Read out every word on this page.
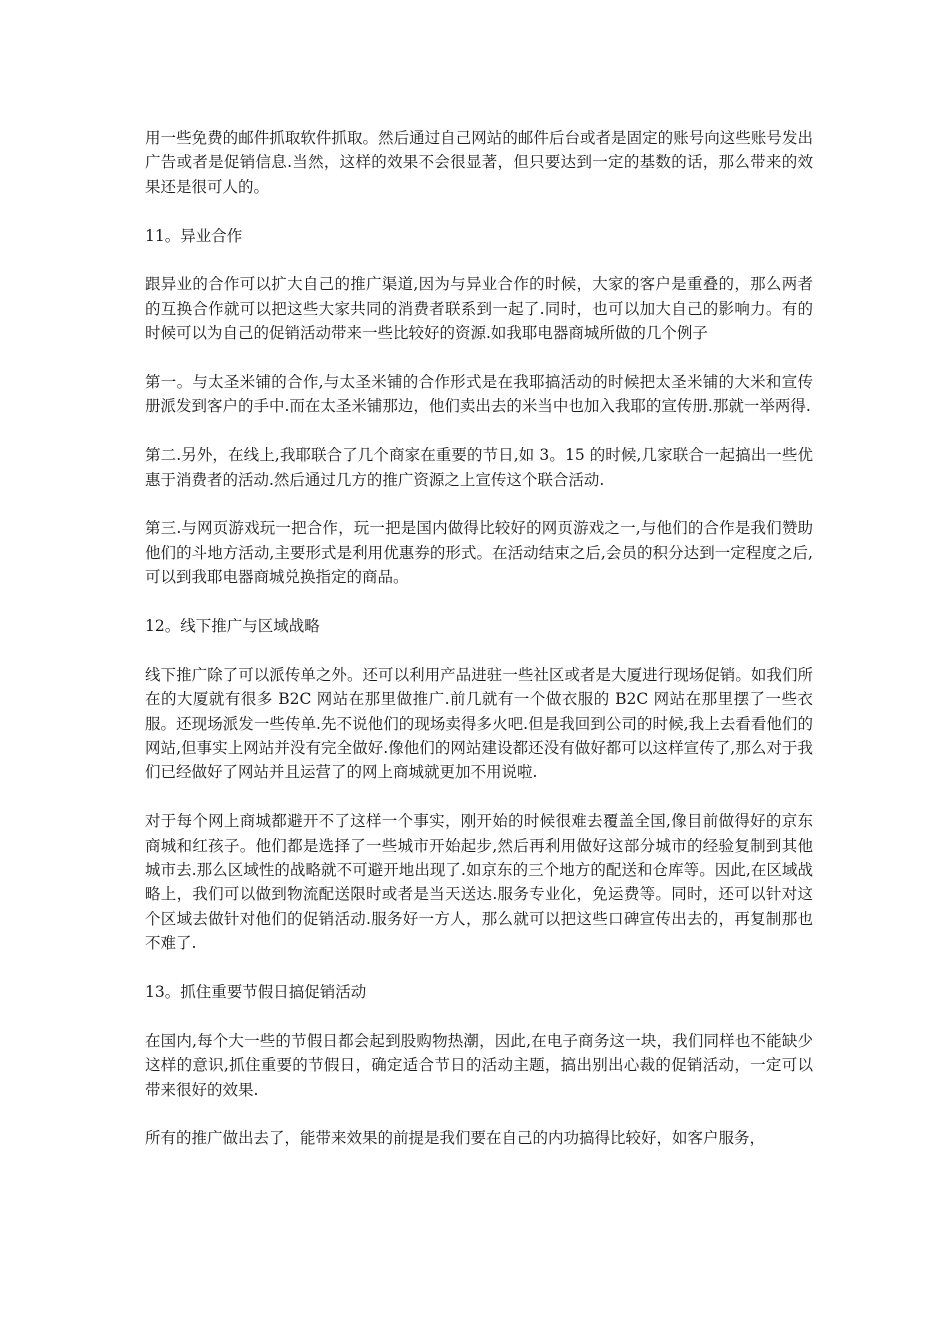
用一些免费的邮件抓取软件抓取。然后通过自己网站的邮件后台或者是固定的账号向这些账号发出广告或者是促销信息.当然，这样的效果不会很显著，但只要达到一定的基数的话，那么带来的效果还是很可人的。

11。异业合作

跟异业的合作可以扩大自己的推广渠道,因为与异业合作的时候，大家的客户是重叠的，那么两者的互换合作就可以把这些大家共同的消费者联系到一起了.同时，也可以加大自己的影响力。有的时候可以为自己的促销活动带来一些比较好的资源.如我耶电器商城所做的几个例子

第一。与太圣米铺的合作,与太圣米铺的合作形式是在我耶搞活动的时候把太圣米铺的大米和宣传册派发到客户的手中.而在太圣米铺那边，他们卖出去的米当中也加入我耶的宣传册.那就一举两得.

第二.另外，在线上,我耶联合了几个商家在重要的节日,如 3。15 的时候,几家联合一起搞出一些优惠于消费者的活动.然后通过几方的推广资源之上宣传这个联合活动.

第三.与网页游戏玩一把合作，玩一把是国内做得比较好的网页游戏之一,与他们的合作是我们赞助他们的斗地方活动,主要形式是利用优惠券的形式。在活动结束之后,会员的积分达到一定程度之后,可以到我耶电器商城兑换指定的商品。

12。线下推广与区域战略

线下推广除了可以派传单之外。还可以利用产品进驻一些社区或者是大厦进行现场促销。如我们所在的大厦就有很多 B2C 网站在那里做推广.前几就有一个做衣服的 B2C 网站在那里摆了一些衣服。还现场派发一些传单.先不说他们的现场卖得多火吧.但是我回到公司的时候,我上去看看他们的网站,但事实上网站并没有完全做好.像他们的网站建设都还没有做好都可以这样宣传了,那么对于我们已经做好了网站并且运营了的网上商城就更加不用说啦.

对于每个网上商城都避开不了这样一个事实，刚开始的时候很难去覆盖全国,像目前做得好的京东商城和红孩子。他们都是选择了一些城市开始起步,然后再利用做好这部分城市的经验复制到其他城市去.那么区域性的战略就不可避开地出现了.如京东的三个地方的配送和仓库等。因此,在区域战略上，我们可以做到物流配送限时或者是当天送达.服务专业化，免运费等。同时，还可以针对这个区域去做针对他们的促销活动.服务好一方人，那么就可以把这些口碑宣传出去的，再复制那也不难了.

13。抓住重要节假日搞促销活动

在国内,每个大一些的节假日都会起到股购物热潮，因此,在电子商务这一块，我们同样也不能缺少这样的意识,抓住重要的节假日，确定适合节日的活动主题，搞出别出心裁的促销活动，一定可以带来很好的效果.

所有的推广做出去了，能带来效果的前提是我们要在自己的内功搞得比较好，如客户服务，
